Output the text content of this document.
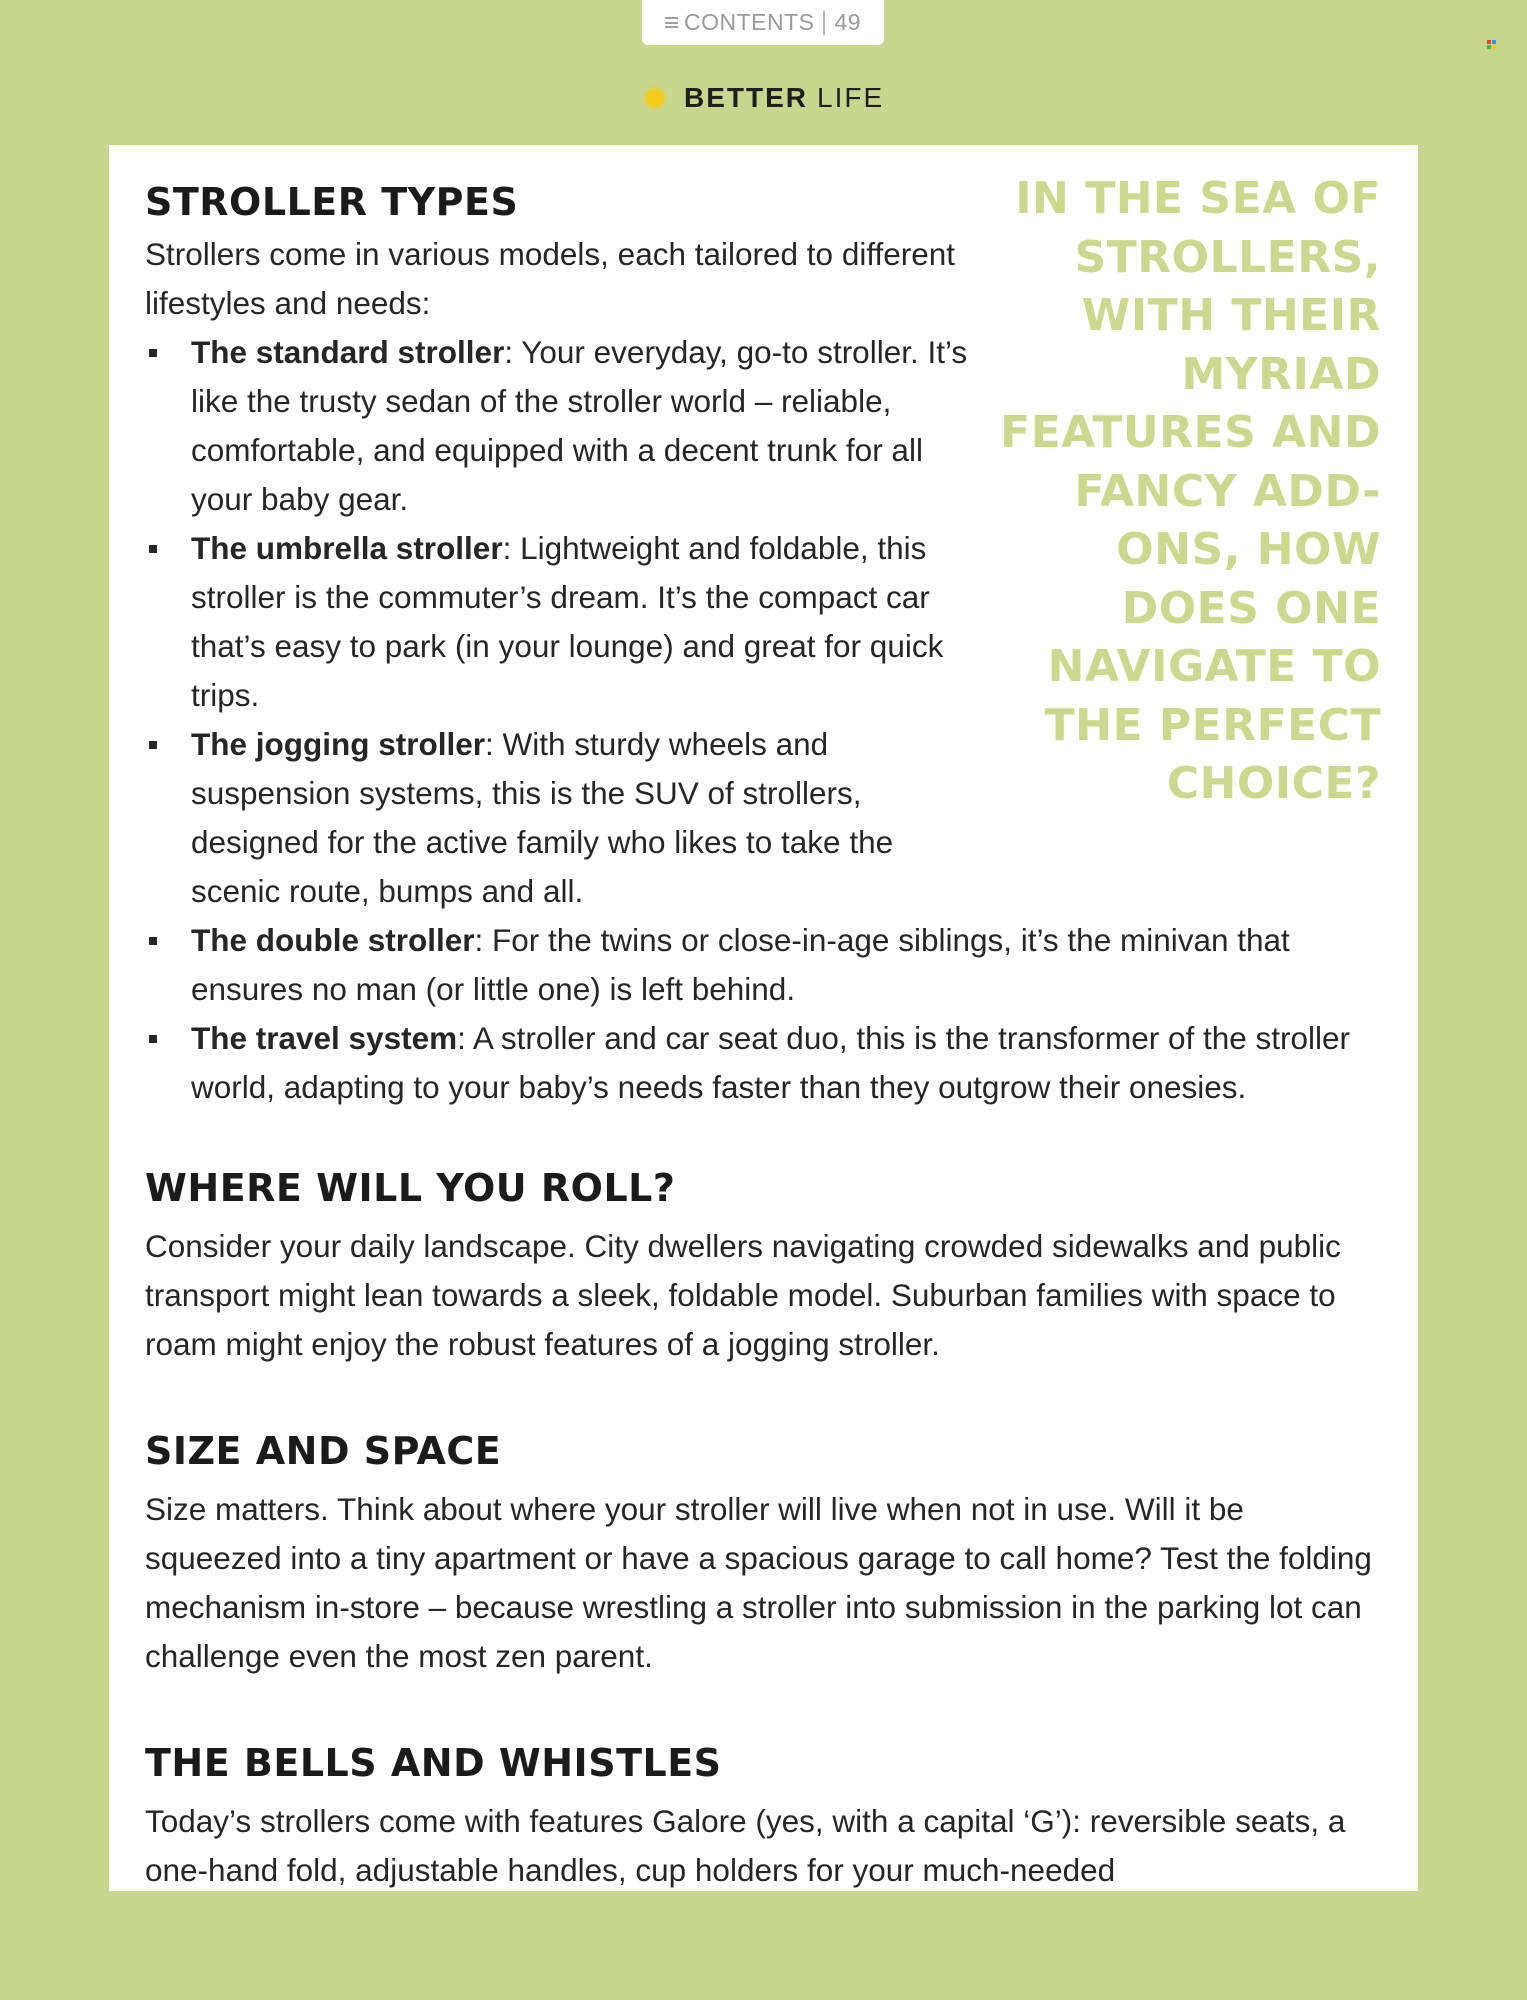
CONTENTS 49
BETTER LIFE
IN THE SEA OF STROLLERS, WITH THEIR MYRIAD FEATURES AND FANCY ADD-ONS, HOW DOES ONE NAVIGATE TO THE PERFECT CHOICE?
STROLLER TYPES

Strollers come in various models, each tailored to different lifestyles and needs:

The standard stroller: Your everyday, go-to stroller. It’s like the trusty sedan of the stroller world – reliable, comfortable, and equipped with a decent trunk for all your baby gear.
The umbrella stroller: Lightweight and foldable, this stroller is the commuter’s dream. It’s the compact car that’s easy to park (in your lounge) and great for quick trips.
The jogging stroller: With sturdy wheels and suspension systems, this is the SUV of strollers, designed for the active family who likes to take the scenic route, bumps and all.
The double stroller: For the twins or close-in-age siblings, it’s the minivan that ensures no man (or little one) is left behind.
The travel system: A stroller and car seat duo, this is the transformer of the stroller world, adapting to your baby’s needs faster than they outgrow their onesies.
WHERE WILL YOU ROLL?

Consider your daily landscape. City dwellers navigating crowded sidewalks and public transport might lean towards a sleek, foldable model. Suburban families with space to roam might enjoy the robust features of a jogging stroller.

SIZE AND SPACE

Size matters. Think about where your stroller will live when not in use. Will it be squeezed into a tiny apartment or have a spacious garage to call home? Test the folding mechanism in-store – because wrestling a stroller into submission in the parking lot can challenge even the most zen parent.

THE BELLS AND WHISTLES

Today’s strollers come with features Galore (yes, with a capital ‘G’): reversible seats, a one-hand fold, adjustable handles, cup holders for your much-needed
